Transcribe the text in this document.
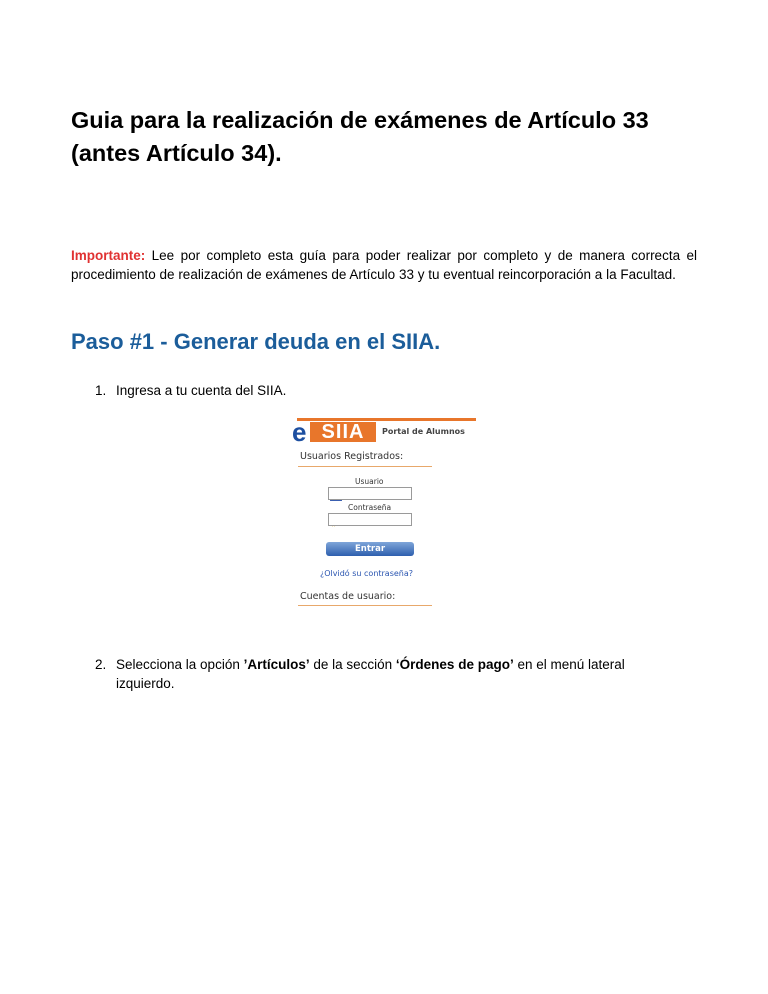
Guia para la realización de exámenes de Artículo 33
(antes Artículo 34).

Importante: Lee por completo esta guía para poder realizar por completo y de manera correcta el procedimiento de realización de exámenes de Artículo 33 y tu eventual reincorporación a la Facultad.

Paso #1 - Generar deuda en el SIIA.
1. Ingresa a tu cuenta del SIIA.
SIIA
e	Portal de Alumnos
Usuarios Registrados:
Usuario
Contraseña
Entrar
¿Olvidó su contraseña?
Cuentas de usuario:
2. Selecciona la opción ’Artículos’ de la sección ‘Órdenes de pago’ en el menú lateral izquierdo.
